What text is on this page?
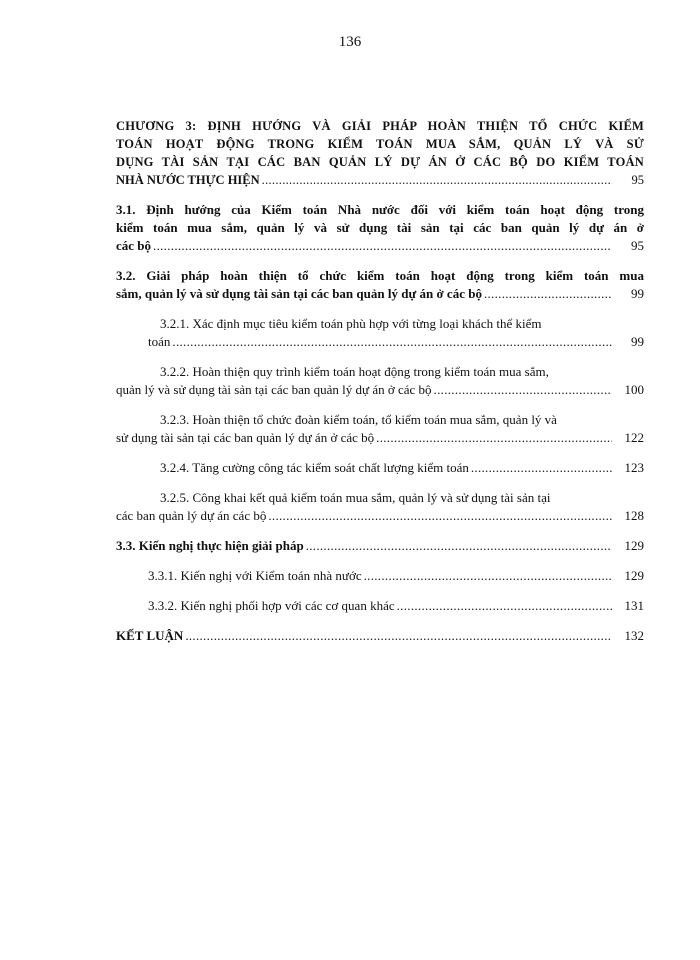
136
CHƯƠNG 3: ĐỊNH HƯỚNG VÀ GIẢI PHÁP HOÀN THIỆN TỔ CHỨC KIỂM
TOÁN HOẠT ĐỘNG TRONG KIỂM TOÁN MUA SẮM, QUẢN LÝ VÀ SỬ
DỤNG TÀI SẢN TẠI CÁC BAN QUẢN LÝ DỰ ÁN Ở CÁC BỘ DO KIỂM TOÁN
NHÀ NƯỚC THỰC HIỆN .....	95
3.1. Định hướng của Kiểm toán Nhà nước đối với kiểm toán hoạt động trong
kiểm toán mua sắm, quản lý và sử dụng tài sản tại các ban quản lý dự án ở
các bộ .....	95
3.2. Giải pháp hoàn thiện tổ chức kiểm toán hoạt động trong kiểm toán mua
sắm, quản lý và sử dụng tài sản tại các ban quản lý dự án ở các bộ .....	99
3.2.1. Xác định mục tiêu kiểm toán phù hợp với từng loại khách thể kiểm
toán .....	99
3.2.2. Hoàn thiện quy trình kiểm toán hoạt động trong kiểm toán mua sắm,
quản lý và sử dụng tài sản tại các ban quản lý dự án ở các bộ .....	100
3.2.3. Hoàn thiện tổ chức đoàn kiểm toán, tổ kiểm toán mua sắm, quản lý và
sử dụng tài sản tại các ban quản lý dự án ở các bộ .....	122
3.2.4. Tăng cường công tác kiểm soát chất lượng kiểm toán .....	123
3.2.5. Công khai kết quả kiểm toán mua sắm, quản lý và sử dụng tài sản tại
các ban quản lý dự án các bộ .....	128
3.3. Kiến nghị thực hiện giải pháp .....	129
3.3.1. Kiến nghị với Kiểm toán nhà nước .....	129
3.3.2. Kiến nghị phối hợp với các cơ quan khác .....	131
KẾT LUẬN .....	132
